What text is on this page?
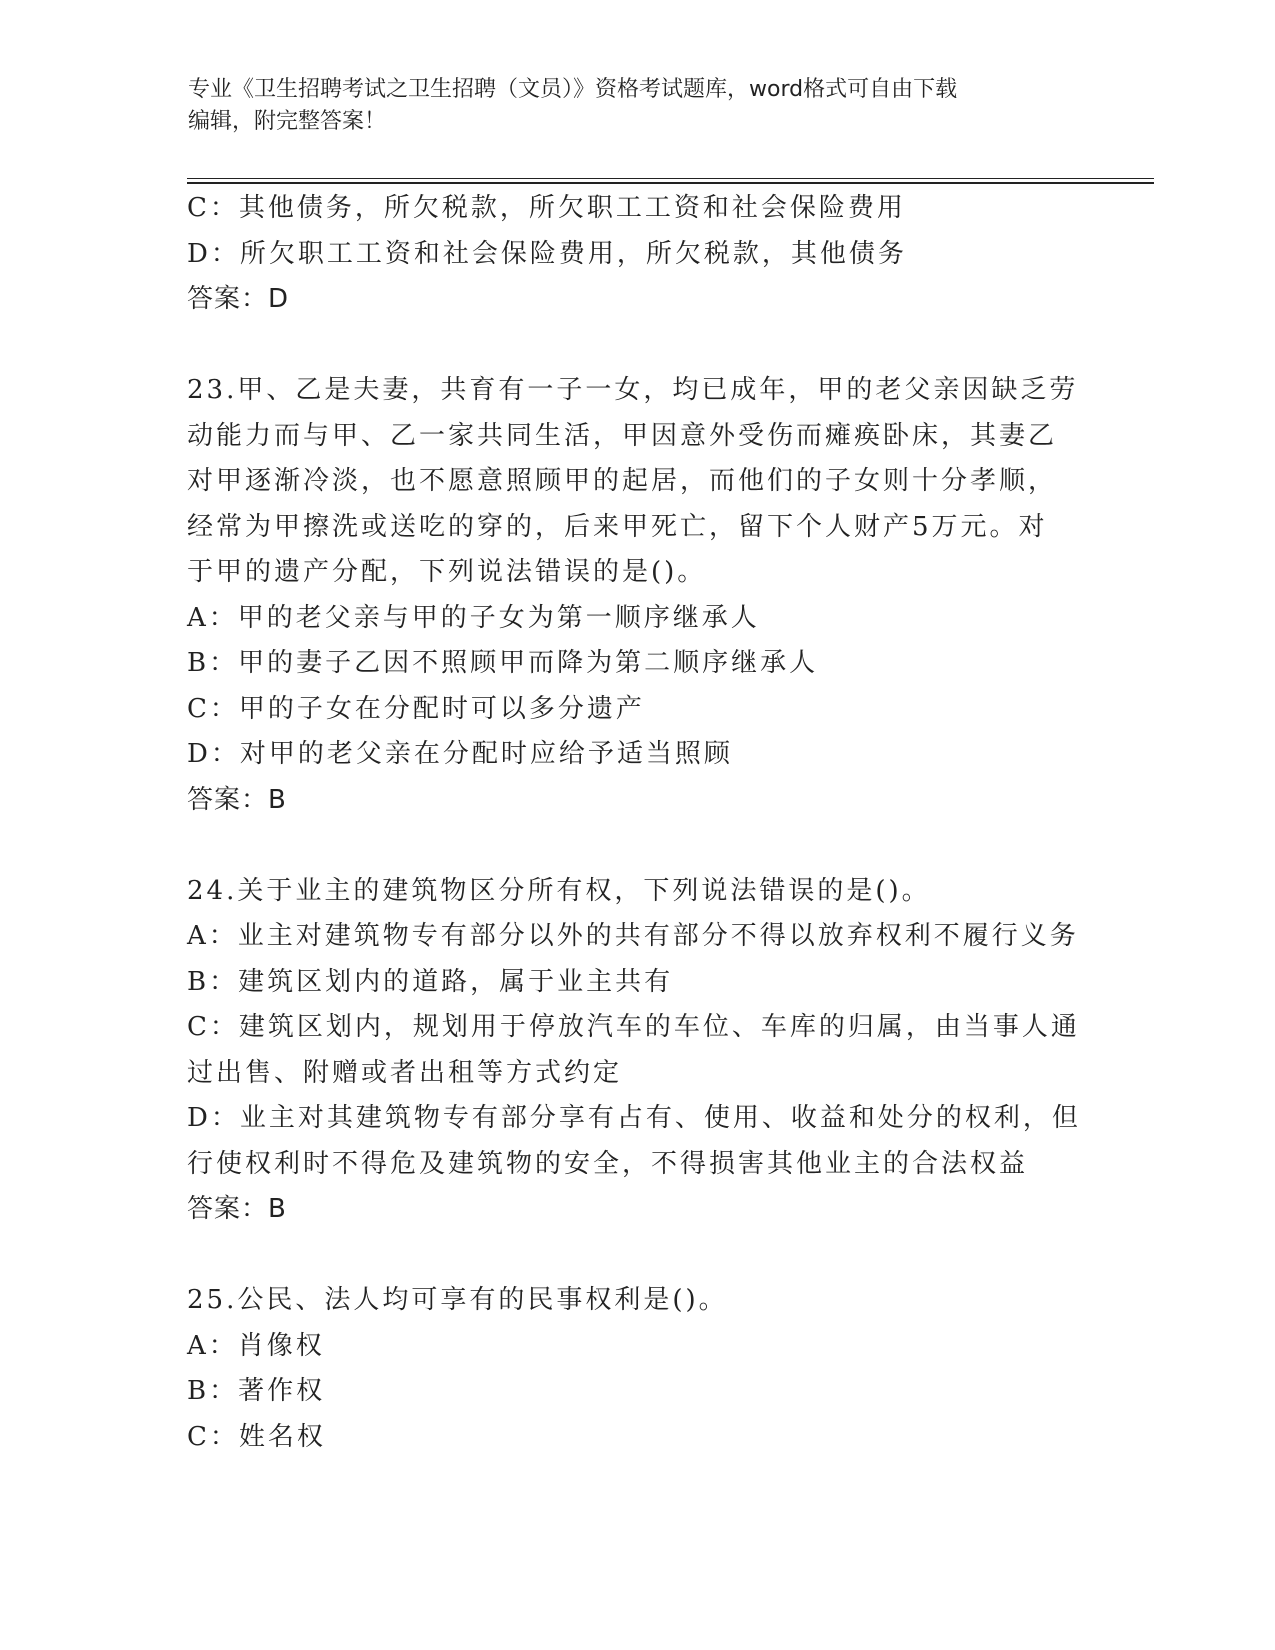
专业《卫生招聘考试之卫生招聘（文员）》资格考试题库，word格式可自由下载
编辑，附完整答案！
C：其他债务，所欠税款，所欠职工工资和社会保险费用
D：所欠职工工资和社会保险费用，所欠税款，其他债务
答案：D
23.甲、乙是夫妻，共育有一子一女，均已成年，甲的老父亲因缺乏劳
动能力而与甲、乙一家共同生活，甲因意外受伤而瘫痪卧床，其妻乙
对甲逐渐冷淡，也不愿意照顾甲的起居，而他们的子女则十分孝顺，
经常为甲擦洗或送吃的穿的，后来甲死亡，留下个人财产5万元。对
于甲的遗产分配，下列说法错误的是()。
A：甲的老父亲与甲的子女为第一顺序继承人
B：甲的妻子乙因不照顾甲而降为第二顺序继承人
C：甲的子女在分配时可以多分遗产
D：对甲的老父亲在分配时应给予适当照顾
答案：B
24.关于业主的建筑物区分所有权，下列说法错误的是()。
A：业主对建筑物专有部分以外的共有部分不得以放弃权利不履行义务
B：建筑区划内的道路，属于业主共有
C：建筑区划内，规划用于停放汽车的车位、车库的归属，由当事人通
过出售、附赠或者出租等方式约定
D：业主对其建筑物专有部分享有占有、使用、收益和处分的权利，但
行使权利时不得危及建筑物的安全，不得损害其他业主的合法权益
答案：B
25.公民、法人均可享有的民事权利是()。
A：肖像权
B：著作权
C：姓名权
